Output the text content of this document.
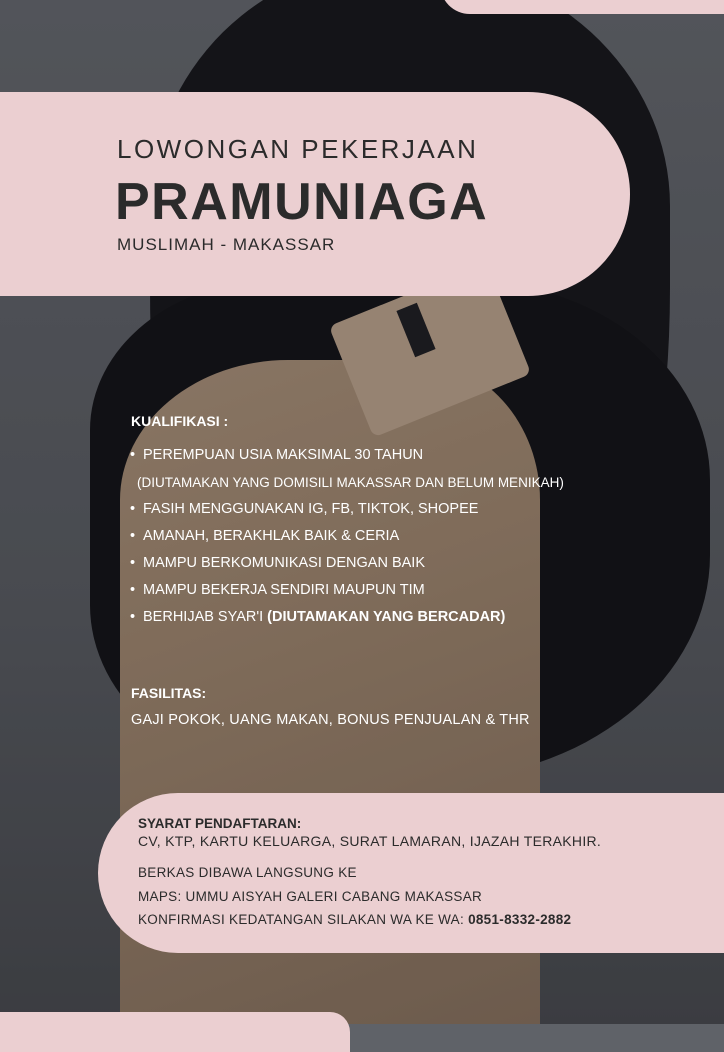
LOWONGAN PEKERJAAN
PRAMUNIAGA
MUSLIMAH - MAKASSAR
KUALIFIKASI :
• PEREMPUAN USIA MAKSIMAL 30 TAHUN
(DIUTAMAKAN YANG DOMISILI MAKASSAR DAN BELUM MENIKAH)
• FASIH MENGGUNAKAN IG, FB, TIKTOK, SHOPEE
• AMANAH, BERAKHLAK BAIK & CERIA
• MAMPU BERKOMUNIKASI DENGAN BAIK
• MAMPU BEKERJA SENDIRI MAUPUN TIM
• BERHIJAB SYAR'I (DIUTAMAKAN YANG BERCADAR)
FASILITAS:
GAJI POKOK, UANG MAKAN, BONUS PENJUALAN & THR
SYARAT PENDAFTARAN:
CV, KTP, KARTU KELUARGA, SURAT LAMARAN, IJAZAH TERAKHIR.
BERKAS DIBAWA LANGSUNG KE
MAPS: UMMU AISYAH GALERI CABANG MAKASSAR
KONFIRMASI KEDATANGAN SILAKAN WA KE WA: 0851-8332-2882
